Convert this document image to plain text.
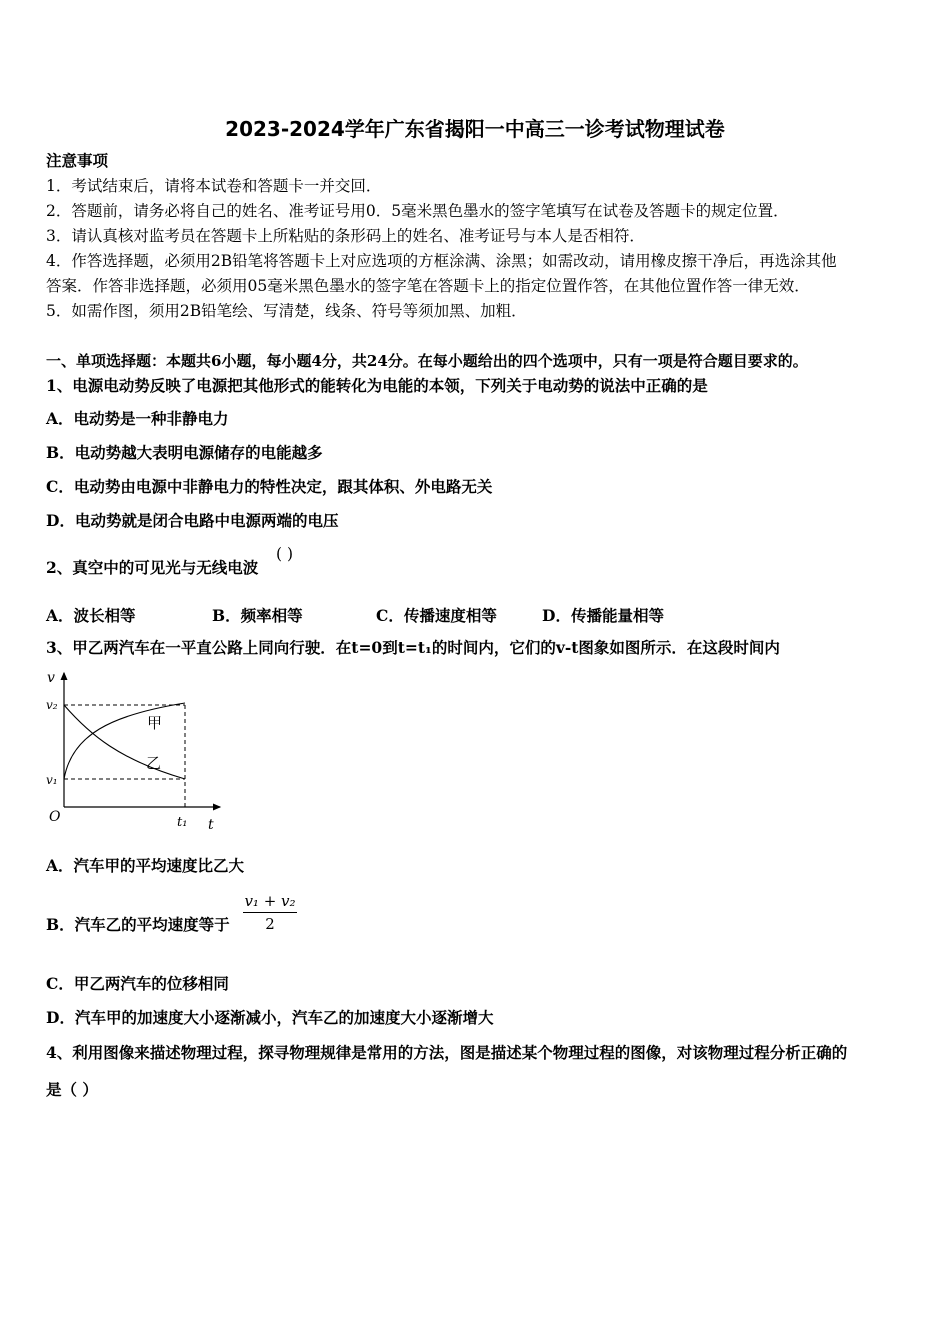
2023-2024学年广东省揭阳一中高三一诊考试物理试卷
注意事项
1．考试结束后，请将本试卷和答题卡一并交回．
2．答题前，请务必将自己的姓名、准考证号用0．5毫米黑色墨水的签字笔填写在试卷及答题卡的规定位置．
3．请认真核对监考员在答题卡上所粘贴的条形码上的姓名、准考证号与本人是否相符．
4．作答选择题，必须用2B铅笔将答题卡上对应选项的方框涂满、涂黑；如需改动，请用橡皮擦干净后，再选涂其他
答案．作答非选择题，必须用05毫米黑色墨水的签字笔在答题卡上的指定位置作答，在其他位置作答一律无效．
5．如需作图，须用2B铅笔绘、写清楚，线条、符号等须加黑、加粗．
一、单项选择题：本题共6小题，每小题4分，共24分。在每小题给出的四个选项中，只有一项是符合题目要求的。
1、电源电动势反映了电源把其他形式的能转化为电能的本领，下列关于电动势的说法中正确的是
A．电动势是一种非静电力
B．电动势越大表明电源储存的电能越多
C．电动势由电源中非静电力的特性决定，跟其体积、外电路无关
D．电动势就是闭合电路中电源两端的电压
2、真空中的可见光与无线电波
( )
A．波长相等	B．频率相等	C．传播速度相等	D．传播能量相等
3、甲乙两汽车在一平直公路上同向行驶．在t=0到t=t₁的时间内，它们的v-t图象如图所示．在这段时间内
v
v₂
v₁
O	t₁ t
甲
乙
A．汽车甲的平均速度比乙大
B．汽车乙的平均速度等于 $\frac{\text{v₁ + v₂}}{2}$
C．甲乙两汽车的位移相同
D．汽车甲的加速度大小逐渐减小，汽车乙的加速度大小逐渐增大
4、利用图像来描述物理过程，探寻物理规律是常用的方法，图是描述某个物理过程的图像，对该物理过程分析正确的
是（ ）
